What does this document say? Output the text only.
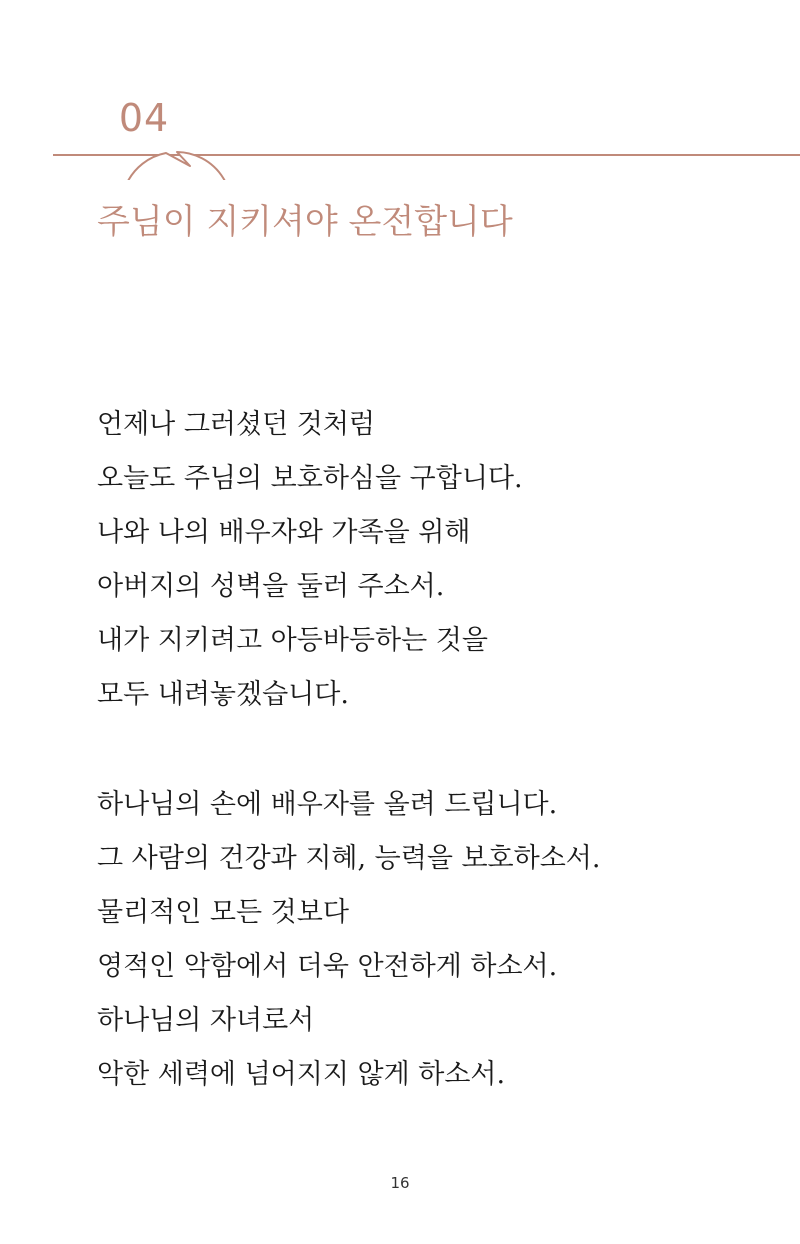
04
주님이 지키셔야 온전합니다

언제나 그러셨던 것처럼
오늘도 주님의 보호하심을 구합니다.
나와 나의 배우자와 가족을 위해
아버지의 성벽을 둘러 주소서.
내가 지키려고 아등바등하는 것을
모두 내려놓겠습니다.

하나님의 손에 배우자를 올려 드립니다.
그 사람의 건강과 지혜, 능력을 보호하소서.
물리적인 모든 것보다
영적인 악함에서 더욱 안전하게 하소서.
하나님의 자녀로서
악한 세력에 넘어지지 않게 하소서.

16
